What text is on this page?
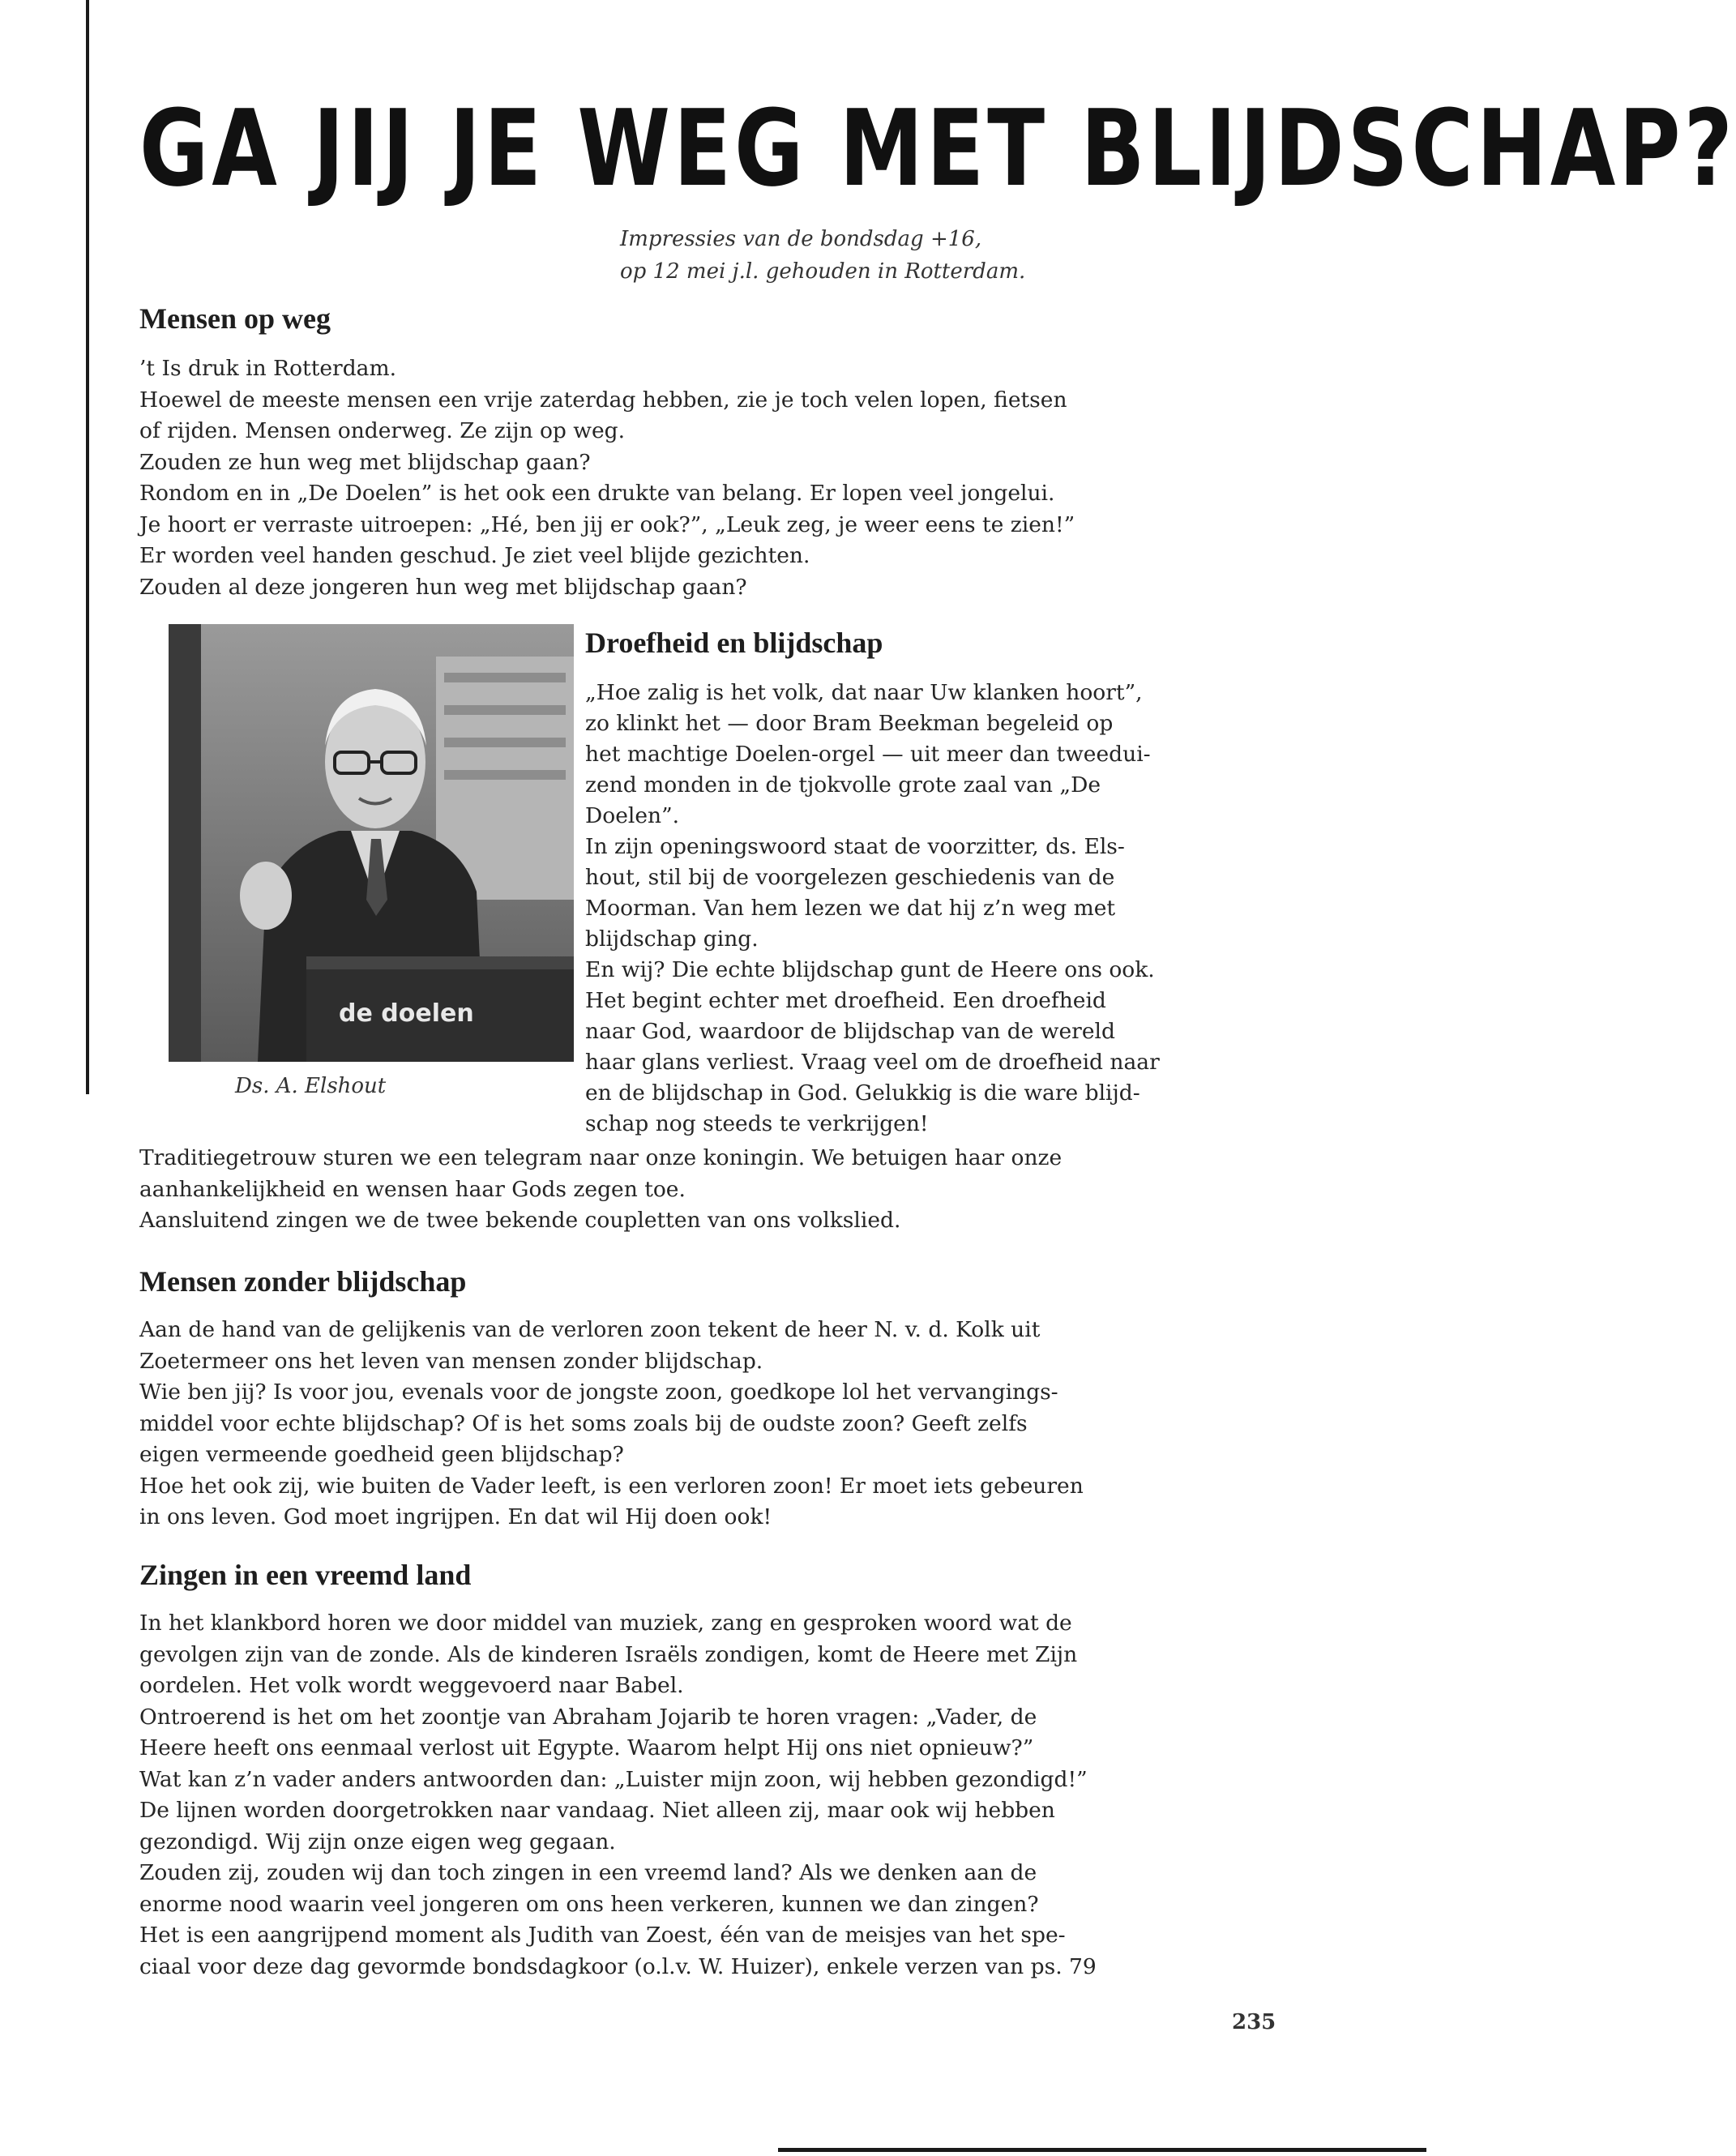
GA JIJ JE WEG MET BLIJDSCHAP?
Impressies van de bondsdag +16,
op 12 mei j.l. gehouden in Rotterdam.
Mensen op weg

’t Is druk in Rotterdam.

Hoewel de meeste mensen een vrije zaterdag hebben, zie je toch velen lopen, fietsen

of rijden. Mensen onderweg. Ze zijn op weg.

Zouden ze hun weg met blijdschap gaan?

Rondom en in „De Doelen” is het ook een drukte van belang. Er lopen veel jongelui.

Je hoort er verraste uitroepen: „Hé, ben jij er ook?”, „Leuk zeg, je weer eens te zien!”

Er worden veel handen geschud. Je ziet veel blijde gezichten.

Zouden al deze jongeren hun weg met blijdschap gaan?

de doelen
Ds. A. Elshout
Droefheid en blijdschap

„Hoe zalig is het volk, dat naar Uw klanken hoort”,

zo klinkt het — door Bram Beekman begeleid op

het machtige Doelen-orgel — uit meer dan tweedui-

zend monden in de tjokvolle grote zaal van „De

Doelen”.

In zijn openingswoord staat de voorzitter, ds. Els-

hout, stil bij de voorgelezen geschiedenis van de

Moorman. Van hem lezen we dat hij z’n weg met

blijdschap ging.

En wij? Die echte blijdschap gunt de Heere ons ook.

Het begint echter met droefheid. Een droefheid

naar God, waardoor de blijdschap van de wereld

haar glans verliest. Vraag veel om de droefheid naar

en de blijdschap in God. Gelukkig is die ware blijd-

schap nog steeds te verkrijgen!

Traditiegetrouw sturen we een telegram naar onze koningin. We betuigen haar onze

aanhankelijkheid en wensen haar Gods zegen toe.

Aansluitend zingen we de twee bekende coupletten van ons volkslied.

Mensen zonder blijdschap

Aan de hand van de gelijkenis van de verloren zoon tekent de heer N. v. d. Kolk uit

Zoetermeer ons het leven van mensen zonder blijdschap.

Wie ben jij? Is voor jou, evenals voor de jongste zoon, goedkope lol het vervangings-

middel voor echte blijdschap? Of is het soms zoals bij de oudste zoon? Geeft zelfs

eigen vermeende goedheid geen blijdschap?

Hoe het ook zij, wie buiten de Vader leeft, is een verloren zoon! Er moet iets gebeuren

in ons leven. God moet ingrijpen. En dat wil Hij doen ook!

Zingen in een vreemd land

In het klankbord horen we door middel van muziek, zang en gesproken woord wat de

gevolgen zijn van de zonde. Als de kinderen Israëls zondigen, komt de Heere met Zijn

oordelen. Het volk wordt weggevoerd naar Babel.

Ontroerend is het om het zoontje van Abraham Jojarib te horen vragen: „Vader, de

Heere heeft ons eenmaal verlost uit Egypte. Waarom helpt Hij ons niet opnieuw?”

Wat kan z’n vader anders antwoorden dan: „Luister mijn zoon, wij hebben gezondigd!”

De lijnen worden doorgetrokken naar vandaag. Niet alleen zij, maar ook wij hebben

gezondigd. Wij zijn onze eigen weg gegaan.

Zouden zij, zouden wij dan toch zingen in een vreemd land? Als we denken aan de

enorme nood waarin veel jongeren om ons heen verkeren, kunnen we dan zingen?

Het is een aangrijpend moment als Judith van Zoest, één van de meisjes van het spe-

ciaal voor deze dag gevormde bondsdagkoor (o.l.v. W. Huizer), enkele verzen van ps. 79

235
